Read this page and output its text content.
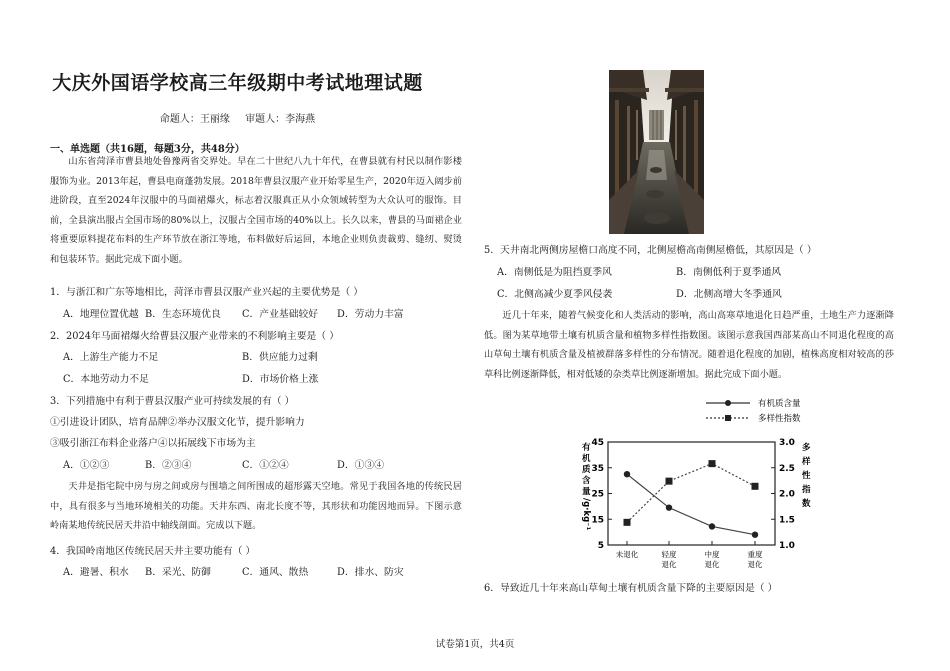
大庆外国语学校高三年级期中考试地理试题
命题人：王丽缘 审题人：李海燕
一、单选题（共16题，每题3分，共48分）
山东省菏泽市曹县地处鲁豫两省交界处。早在二十世纪八九十年代，在曹县就有村民以制作影楼服饰为业。2013年起，曹县电商蓬勃发展。2018年曹县汉服产业开始零星生产，2020年迈入阔步前进阶段，直至2024年汉服中的马面裙爆火，标志着汉服真正从小众领域转型为大众认可的服饰。目前，全县演出服占全国市场的80%以上，汉服占全国市场的40%以上。长久以来，曹县的马面裙企业将重要原料提花布料的生产环节放在浙江等地，布料做好后运回，本地企业则负责裁剪、缝纫、熨烫和包装环节。据此完成下面小题。
1．与浙江和广东等地相比，菏泽市曹县汉服产业兴起的主要优势是（ ）
A．地理位置优越 B．生态环境优良 C．产业基础较好 D．劳动力丰富
2．2024年马面裙爆火给曹县汉服产业带来的不利影响主要是（ ）
A．上游生产能力不足	B．供应能力过剩
C．本地劳动力不足	D．市场价格上涨
3．下列措施中有利于曹县汉服产业可持续发展的有（ ）
①引进设计团队，培育品牌②举办汉服文化节，提升影响力
③吸引浙江布料企业落户④以拓展线下市场为主
A．①②③	B．②③④	C．①②④	D．①③④
天井是指宅院中房与房之间或房与围墙之间所围成的超形露天空地。常见于我国各地的传统民居中，具有很多与当地环境相关的功能。天井东西、南北长度不等，其形状和功能因地而异。下图示意岭南某地传统民居天井沿中轴线剖面。完成以下题。
4．我国岭南地区传统民居天井主要功能有（ ）
A．避暑、积水 B．采光、防御	C．通风、散热	D．排水、防灾
5．天井南北两侧房屋檐口高度不同，北侧屋檐高南侧屋檐低，其原因是（ ）
A．南侧低是为阻挡夏季风	B．南侧低利于夏季通风
C．北侧高减少夏季风侵袭	D．北侧高增大冬季通风
近几十年来，随着气候变化和人类活动的影响，高山高寒草地退化日趋严重，土地生产力逐渐降低。图为某草地带土壤有机质含量和植物多样性指数图。该图示意我国西部某高山不同退化程度的高山草甸土壤有机质含量及植被群落多样性的分布情况。随着退化程度的加剧，植株高度相对较高的莎草科比例逐渐降低，相对低矮的杂类草比例逐渐增加。据此完成下面小题。
有机质含量
多样性指数
45
35
25
15
5
3.0
2.5
2.0
1.5
1.0
未退化	轻度
退化
中度
退化
重度
退化
有
机
质
含
量
/g·kg⁻¹
多
样
性
指
数
6．导致近几十年来高山草甸土壤有机质含量下降的主要原因是（ ）
试卷第1页，共4页
